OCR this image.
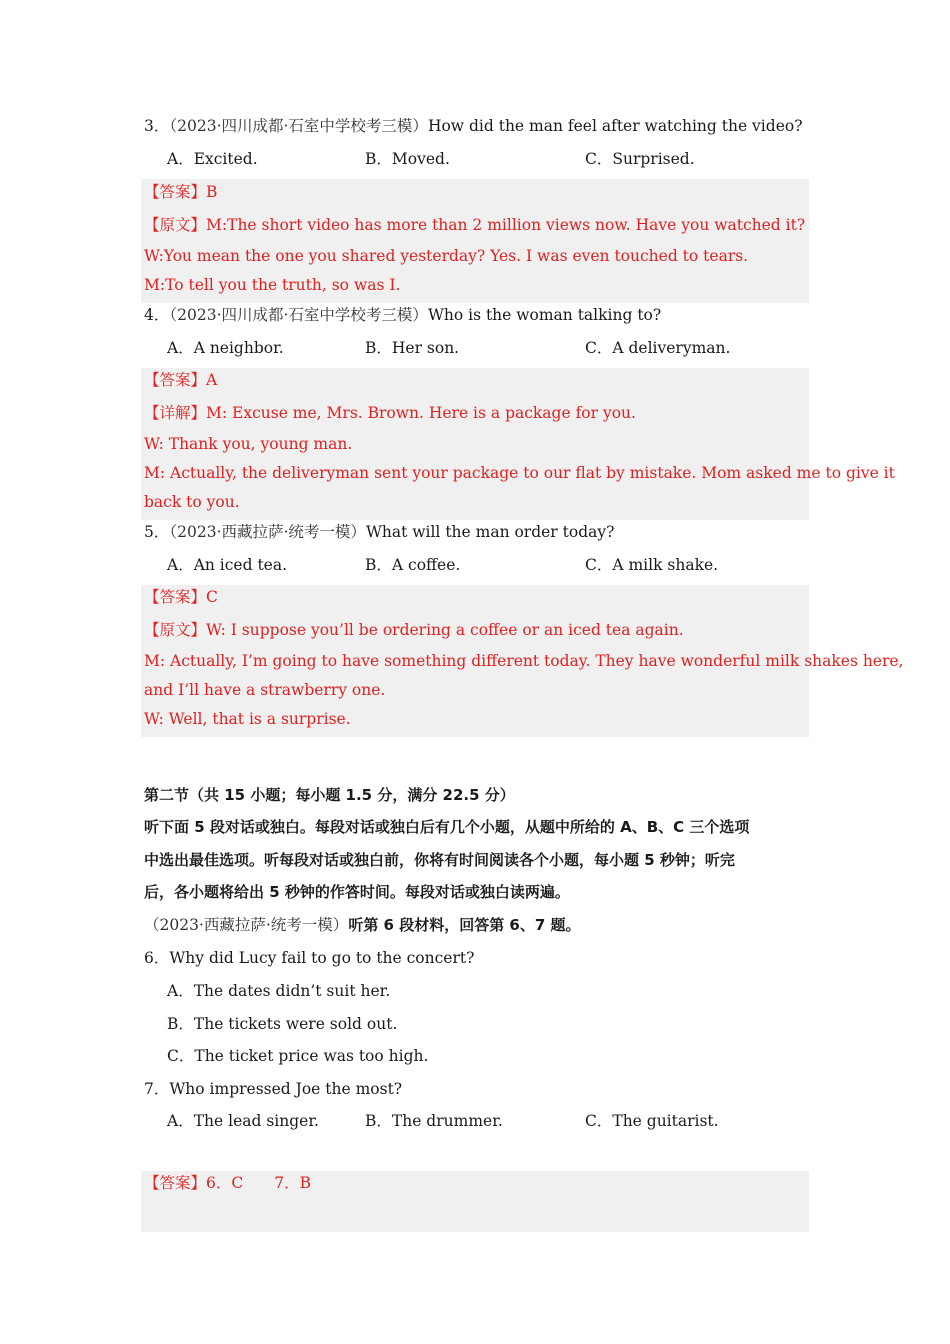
3．（2023·四川成都·石室中学校考三模）How did the man feel after watching the video?
A．Excited.	B．Moved.	C．Surprised.
【答案】B
【原文】M:The short video has more than 2 million views now. Have you watched it?
W:You mean the one you shared yesterday? Yes. I was even touched to tears.
M:To tell you the truth, so was I.
4．（2023·四川成都·石室中学校考三模）Who is the woman talking to?
A．A neighbor.	B．Her son.	C．A deliveryman.
【答案】A
【详解】M: Excuse me, Mrs. Brown. Here is a package for you.
W: Thank you, young man.
M: Actually, the deliveryman sent your package to our flat by mistake. Mom asked me to give it
back to you.
5．（2023·西藏拉萨·统考一模）What will the man order today?
A．An iced tea.	B．A coffee.	C．A milk shake.
【答案】C
【原文】W: I suppose you’ll be ordering a coffee or an iced tea again.
M: Actually, I’m going to have something different today. They have wonderful milk shakes here,
and I’ll have a strawberry one.
W: Well, that is a surprise.
第二节（共 15 小题；每小题 1.5 分，满分 22.5 分）
听下面 5 段对话或独白。每段对话或独白后有几个小题，从题中所给的 A、B、C 三个选项
中选出最佳选项。听每段对话或独白前，你将有时间阅读各个小题，每小题 5 秒钟；听完
后，各小题将给出 5 秒钟的作答时间。每段对话或独白读两遍。
（2023·西藏拉萨·统考一模）听第 6 段材料，回答第 6、7 题。
6．Why did Lucy fail to go to the concert?
A．The dates didn’t suit her.
B．The tickets were sold out.
C．The ticket price was too high.
7．Who impressed Joe the most?
A．The lead singer.	B．The drummer.	C．The guitarist.
【答案】6．C　　7．B
